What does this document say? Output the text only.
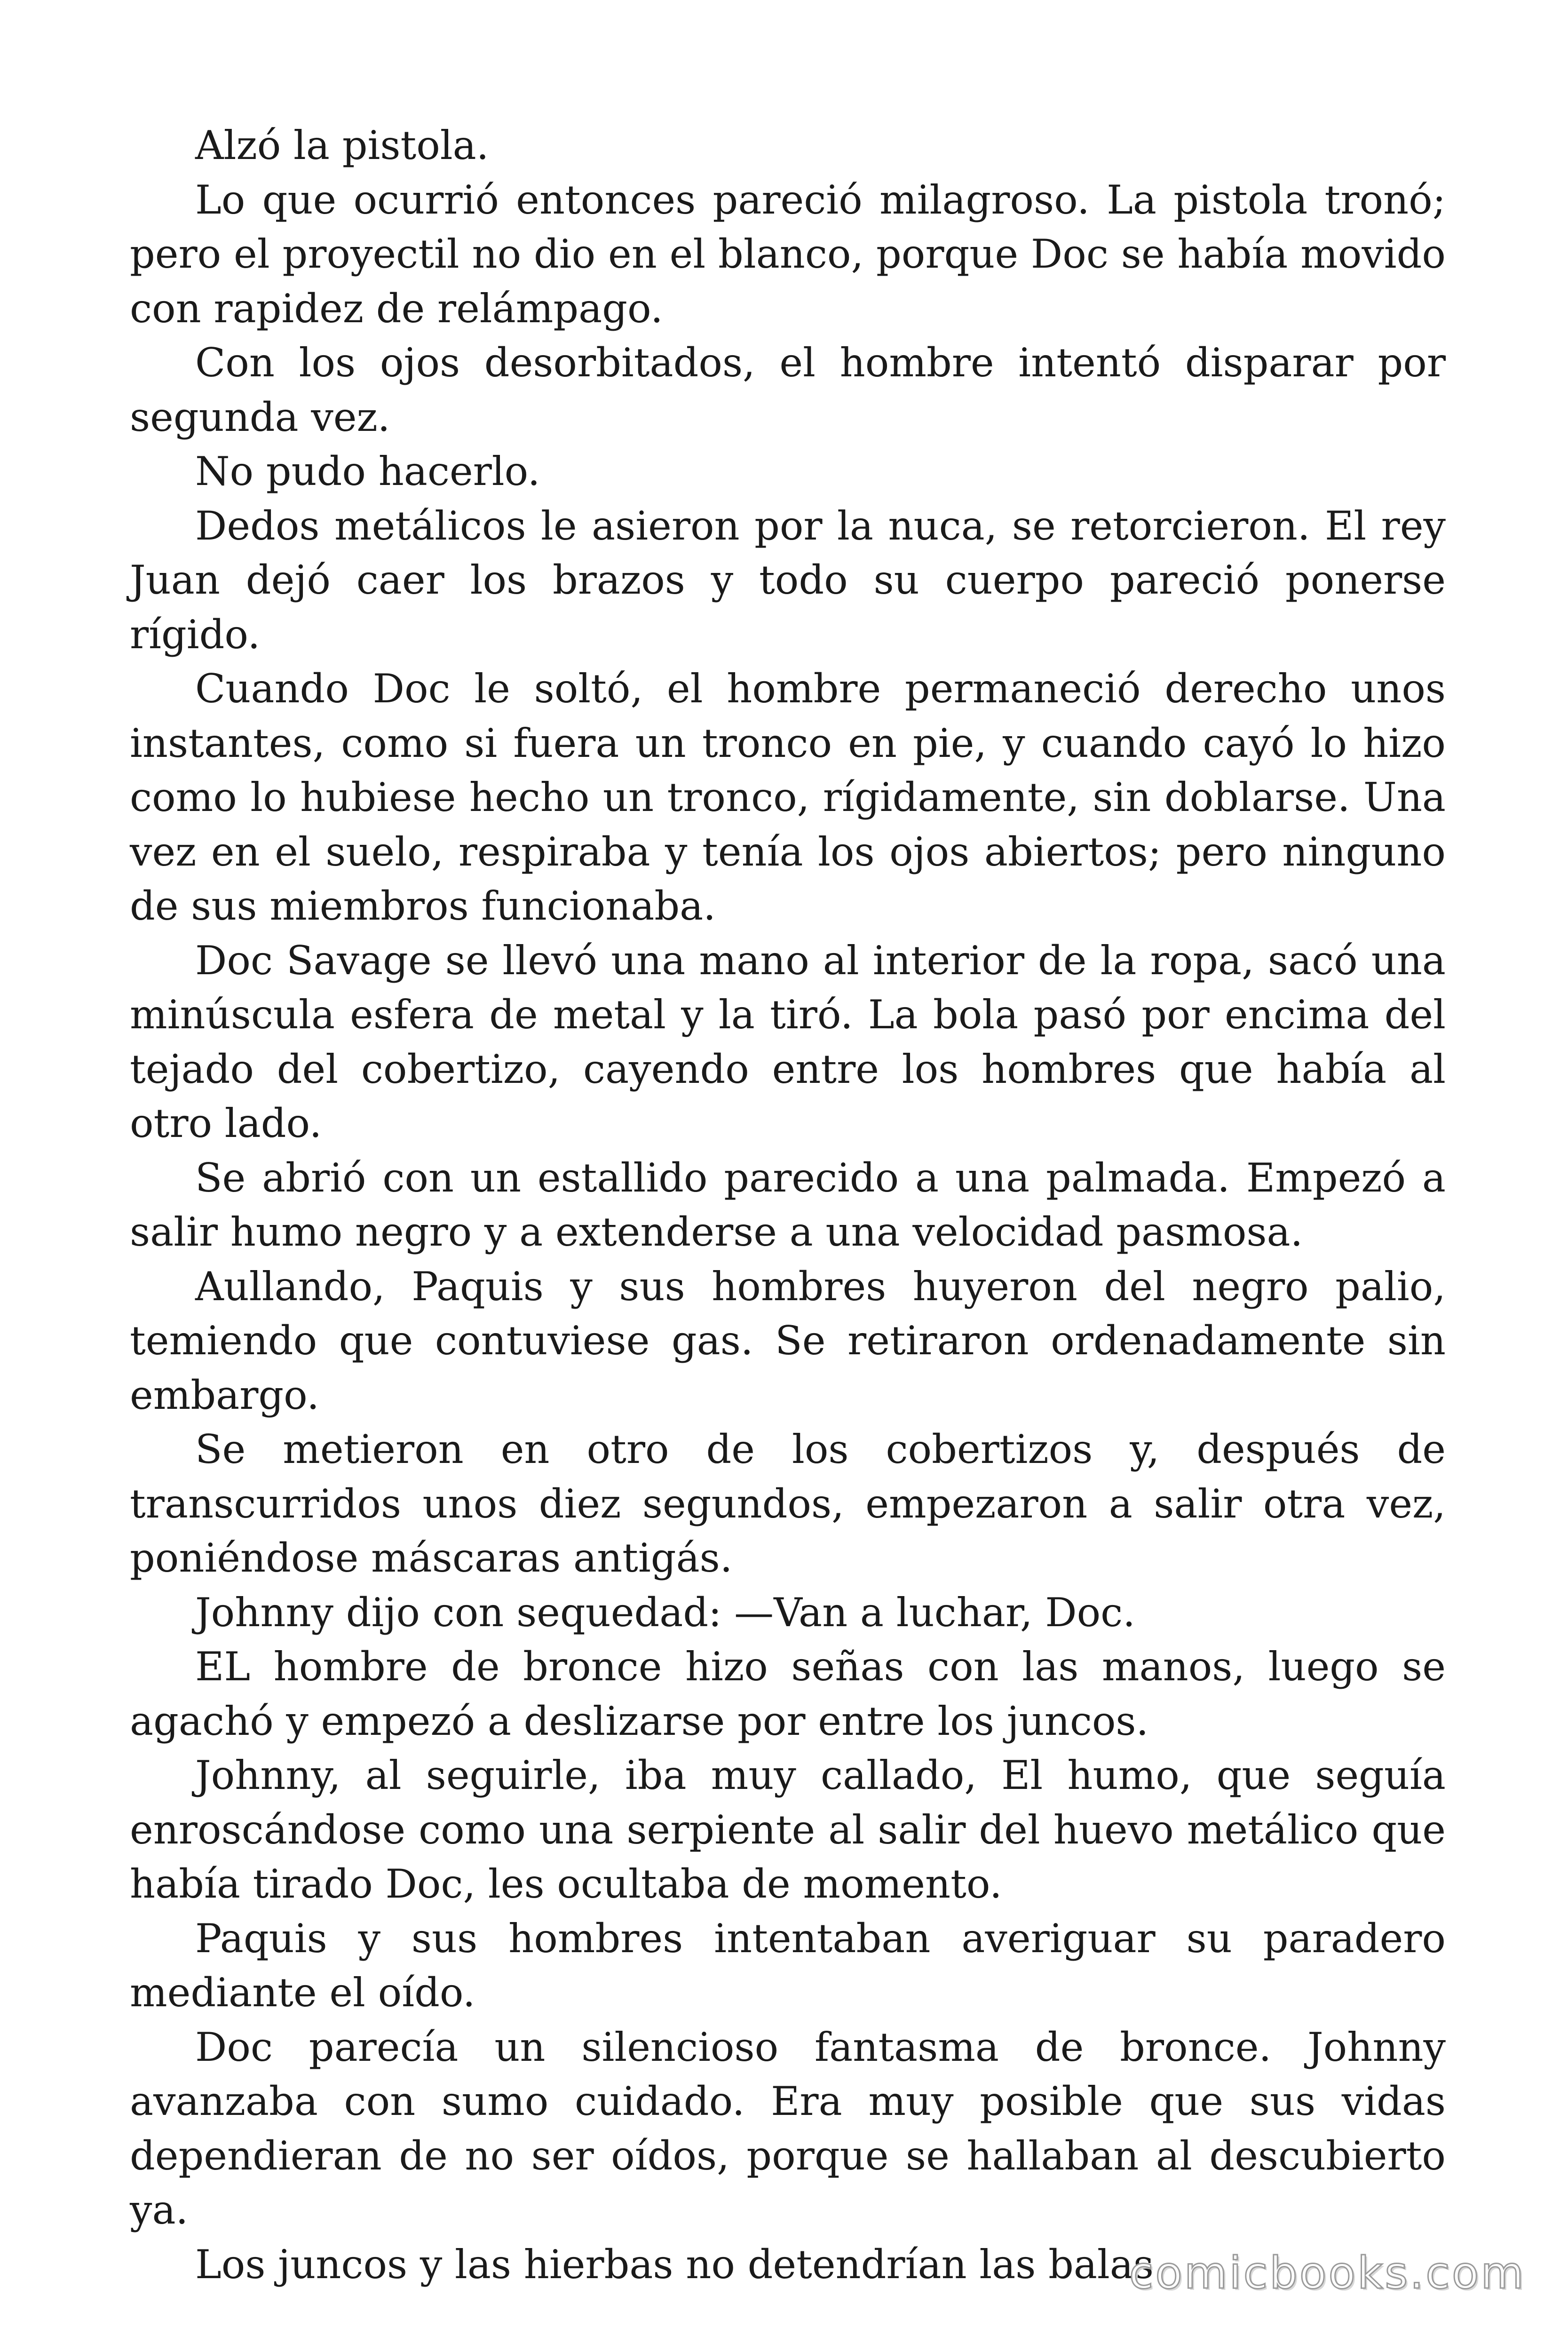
Alzó la pistola.

Lo que ocurrió entonces pareció milagroso. La pistola tronó; pero el proyectil no dio en el blanco, porque Doc se había movido con rapidez de relámpago.

Con los ojos desorbitados, el hombre intentó disparar por segunda vez.

No pudo hacerlo.

Dedos metálicos le asieron por la nuca, se retorcieron. El rey Juan dejó caer los brazos y todo su cuerpo pareció ponerse rígido.

Cuando Doc le soltó, el hombre permaneció derecho unos instantes, como si fuera un tronco en pie, y cuando cayó lo hizo como lo hubiese hecho un tronco, rígidamente, sin doblarse. Una vez en el suelo, respiraba y tenía los ojos abiertos; pero ninguno de sus miembros funcionaba.

Doc Savage se llevó una mano al interior de la ropa, sacó una minúscula esfera de metal y la tiró. La bola pasó por encima del tejado del cobertizo, cayendo entre los hombres que había al otro lado.

Se abrió con un estallido parecido a una palmada. Empezó a salir humo negro y a extenderse a una velocidad pasmosa.

Aullando, Paquis y sus hombres huyeron del negro palio, temiendo que contuviese gas. Se retiraron ordenadamente sin embargo.

Se metieron en otro de los cobertizos y, después de transcurridos unos diez segundos, empezaron a salir otra vez, poniéndose máscaras antigás.

Johnny dijo con sequedad: —Van a luchar, Doc.

EL hombre de bronce hizo señas con las manos, luego se agachó y empezó a deslizarse por entre los juncos.

Johnny, al seguirle, iba muy callado, El humo, que seguía enroscándose como una serpiente al salir del huevo metálico que había tirado Doc, les ocultaba de momento.

Paquis y sus hombres intentaban averiguar su paradero mediante el oído.

Doc parecía un silencioso fantasma de bronce. Johnny avanzaba con sumo cuidado. Era muy posible que sus vidas dependieran de no ser oídos, porque se hallaban al descubierto ya.

Los juncos y las hierbas no detendrían las balas.

comicbooks.com
